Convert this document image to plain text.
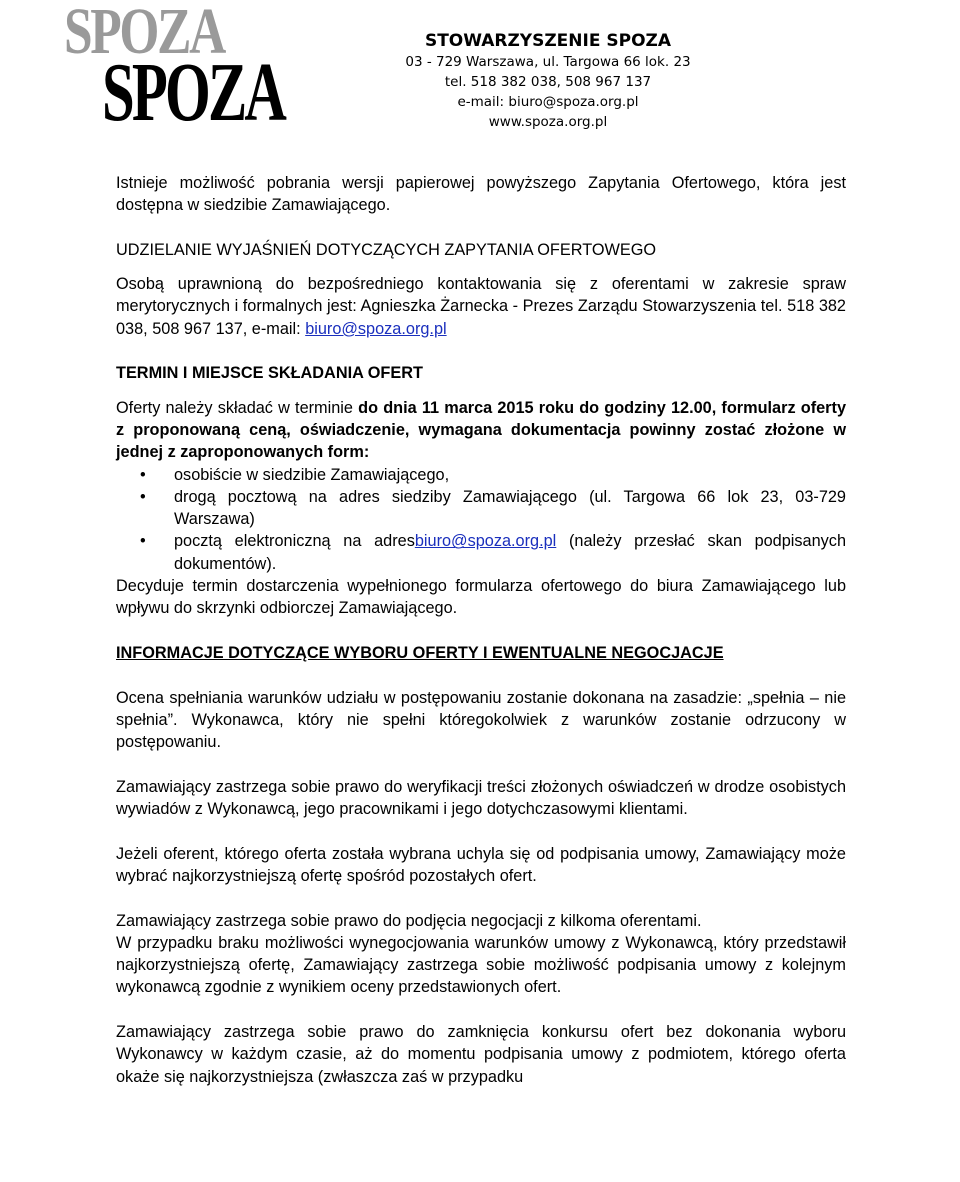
SPOZA
SPOZA
STOWARZYSZENIE SPOZA
03 - 729 Warszawa, ul. Targowa 66 lok. 23
tel. 518 382 038, 508 967 137
e-mail: biuro@spoza.org.pl
www.spoza.org.pl

Istnieje możliwość pobrania wersji papierowej powyższego Zapytania Ofertowego, która jest dostępna w siedzibie Zamawiającego.

UDZIELANIE WYJAŚNIEŃ DOTYCZĄCYCH ZAPYTANIA OFERTOWEGO

Osobą uprawnioną do bezpośredniego kontaktowania się z oferentami w zakresie spraw merytorycznych i formalnych jest: Agnieszka Żarnecka - Prezes Zarządu Stowarzyszenia tel. 518 382 038, 508 967 137, e-mail: biuro@spoza.org.pl

TERMIN I MIEJSCE SKŁADANIA OFERT

Oferty należy składać w terminie do dnia 11 marca 2015 roku do godziny 12.00, formularz oferty z proponowaną ceną, oświadczenie, wymagana dokumentacja powinny zostać złożone w jednej z zaproponowanych form:

• osobiście w siedzibie Zamawiającego,
• drogą pocztową na adres siedziby Zamawiającego (ul. Targowa 66 lok 23, 03-729 Warszawa)
• pocztą elektroniczną na adresbiuro@spoza.org.pl (należy przesłać skan podpisanych dokumentów).

Decyduje termin dostarczenia wypełnionego formularza ofertowego do biura Zamawiającego lub wpływu do skrzynki odbiorczej Zamawiającego.

INFORMACJE DOTYCZĄCE WYBORU OFERTY I EWENTUALNE NEGOCJACJE

Ocena spełniania warunków udziału w postępowaniu zostanie dokonana na zasadzie: „spełnia – nie spełnia”. Wykonawca, który nie spełni któregokolwiek z warunków zostanie odrzucony w postępowaniu.

Zamawiający zastrzega sobie prawo do weryfikacji treści złożonych oświadczeń w drodze osobistych wywiadów z Wykonawcą, jego pracownikami i jego dotychczasowymi klientami.

Jeżeli oferent, którego oferta została wybrana uchyla się od podpisania umowy, Zamawiający może wybrać najkorzystniejszą ofertę spośród pozostałych ofert.

Zamawiający zastrzega sobie prawo do podjęcia negocjacji z kilkoma oferentami.

W przypadku braku możliwości wynegocjowania warunków umowy z Wykonawcą, który przedstawił najkorzystniejszą ofertę, Zamawiający zastrzega sobie możliwość podpisania umowy z kolejnym wykonawcą zgodnie z wynikiem oceny przedstawionych ofert.

Zamawiający zastrzega sobie prawo do zamknięcia konkursu ofert bez dokonania wyboru Wykonawcy w każdym czasie, aż do momentu podpisania umowy z podmiotem, którego oferta okaże się najkorzystniejsza (zwłaszcza zaś w przypadku
